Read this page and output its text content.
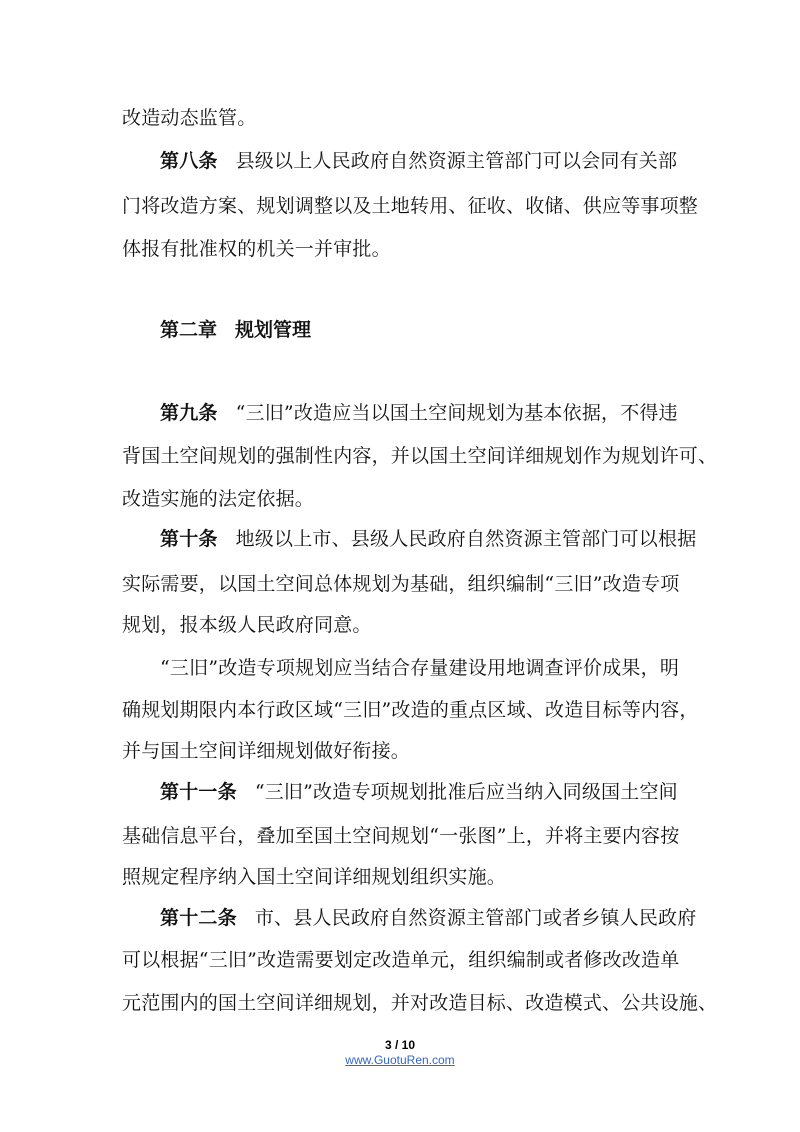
改造动态监管。
第八条 县级以上人民政府自然资源主管部门可以会同有关部
门将改造方案、规划调整以及土地转用、征收、收储、供应等事项整
体报有批准权的机关一并审批。
第二章 规划管理
第九条 “三旧”改造应当以国土空间规划为基本依据，不得违
背国土空间规划的强制性内容，并以国土空间详细规划作为规划许可、
改造实施的法定依据。
第十条 地级以上市、县级人民政府自然资源主管部门可以根据
实际需要，以国土空间总体规划为基础，组织编制“三旧”改造专项
规划，报本级人民政府同意。
“三旧”改造专项规划应当结合存量建设用地调查评价成果，明
确规划期限内本行政区域“三旧”改造的重点区域、改造目标等内容，
并与国土空间详细规划做好衔接。
第十一条 “三旧”改造专项规划批准后应当纳入同级国土空间
基础信息平台，叠加至国土空间规划“一张图”上，并将主要内容按
照规定程序纳入国土空间详细规划组织实施。
第十二条 市、县人民政府自然资源主管部门或者乡镇人民政府
可以根据“三旧”改造需要划定改造单元，组织编制或者修改改造单
元范围内的国土空间详细规划，并对改造目标、改造模式、公共设施、
3 / 10
www.GuotuRen.com
